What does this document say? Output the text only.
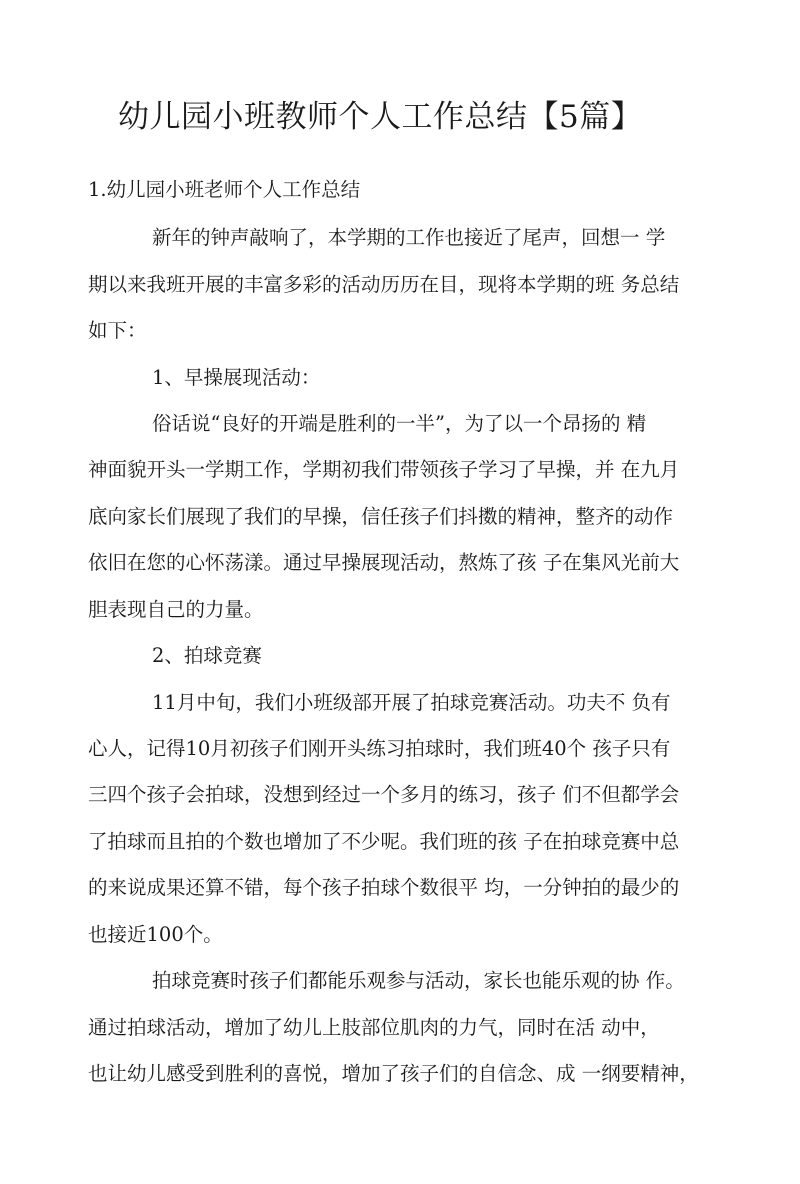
幼儿园小班教师个人工作总结【5篇】
1.幼儿园小班老师个人工作总结
新年的钟声敲响了，本学期的工作也接近了尾声，回想一 学
期以来我班开展的丰富多彩的活动历历在目，现将本学期的班 务总结
如下：
1、早操展现活动：
俗话说“良好的开端是胜利的一半”，为了以一个昂扬的 精
神面貌开头一学期工作，学期初我们带领孩子学习了早操，并 在九月
底向家长们展现了我们的早操，信任孩子们抖擞的精神，整齐的动作
依旧在您的心怀荡漾。通过早操展现活动，熬炼了孩 子在集风光前大
胆表现自己的力量。
2、拍球竞赛
11月中旬，我们小班级部开展了拍球竞赛活动。功夫不 负有
心人，记得10月初孩子们刚开头练习拍球时，我们班40个 孩子只有
三四个孩子会拍球，没想到经过一个多月的练习，孩子 们不但都学会
了拍球而且拍的个数也增加了不少呢。我们班的孩 子在拍球竞赛中总
的来说成果还算不错，每个孩子拍球个数很平 均，一分钟拍的最少的
也接近100个。
拍球竞赛时孩子们都能乐观参与活动，家长也能乐观的协 作。
通过拍球活动，增加了幼儿上肢部位肌肉的力气，同时在活 动中，
也让幼儿感受到胜利的喜悦，增加了孩子们的自信念、成 一纲要精神，
